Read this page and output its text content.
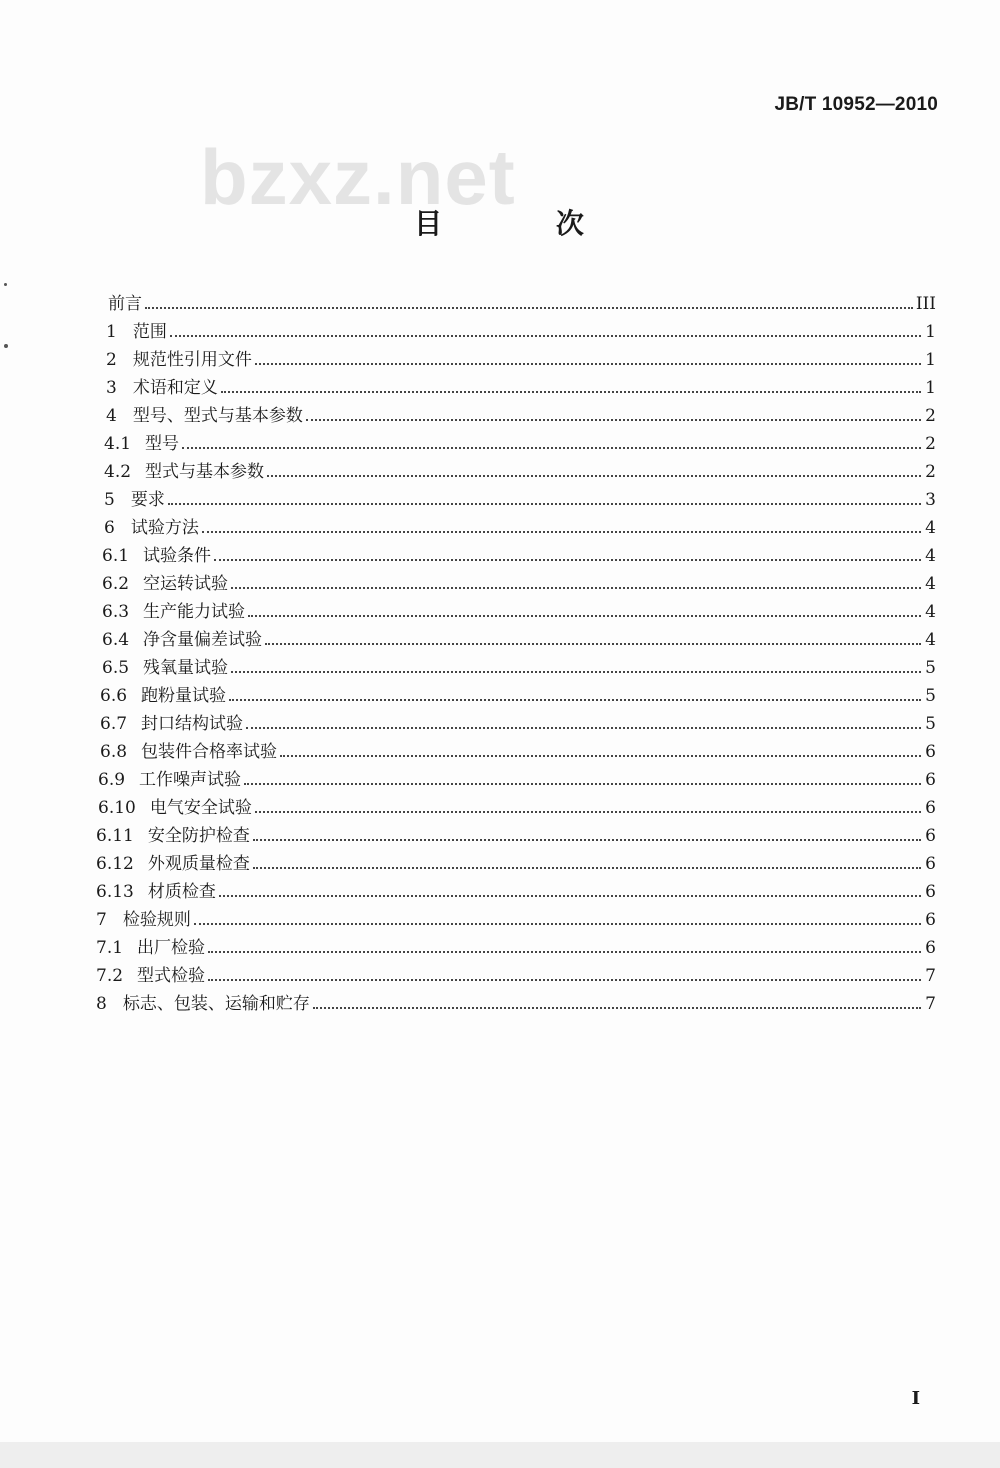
bzxz.net
JB/T 10952—2010
目 次
前言	III
1 范围	1
2 规范性引用文件	1
3 术语和定义	1
4 型号、型式与基本参数	2
4.1 型号	2
4.2 型式与基本参数	2
5 要求	3
6 试验方法	4
6.1 试验条件	4
6.2 空运转试验	4
6.3 生产能力试验	4
6.4 净含量偏差试验	4
6.5 残氧量试验	5
6.6 跑粉量试验	5
6.7 封口结构试验	5
6.8 包装件合格率试验	6
6.9 工作噪声试验	6
6.10 电气安全试验	6
6.11 安全防护检查	6
6.12 外观质量检查	6
6.13 材质检查	6
7 检验规则	6
7.1 出厂检验	6
7.2 型式检验	7
8 标志、包装、运输和贮存	7
I
